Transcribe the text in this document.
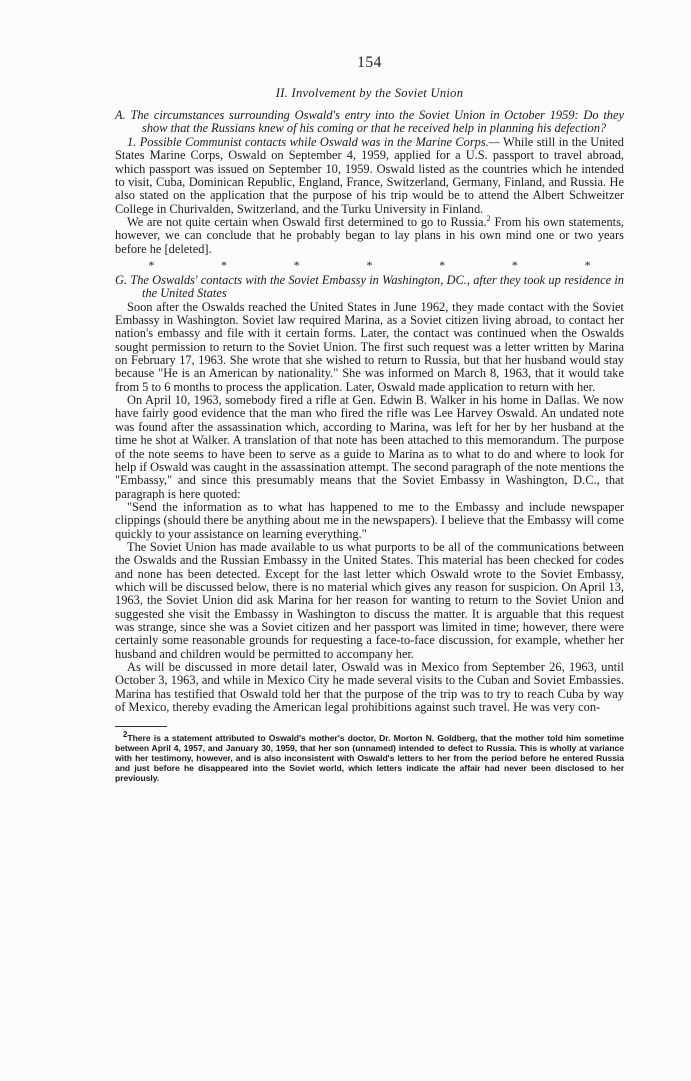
154
II. Involvement by the Soviet Union
A. The circumstances surrounding Oswald's entry into the Soviet Union in October 1959: Do they show that the Russians knew of his coming or that he received help in planning his defection?

1. Possible Communist contacts while Oswald was in the Marine Corps.— While still in the United States Marine Corps, Oswald on September 4, 1959, applied for a U.S. passport to travel abroad, which passport was issued on September 10, 1959. Oswald listed as the countries which he intended to visit, Cuba, Dominican Republic, England, France, Switzerland, Germany, Finland, and Russia. He also stated on the application that the purpose of his trip would be to attend the Albert Schweitzer College in Churivalden, Switzerland, and the Turku University in Finland.

We are not quite certain when Oswald first determined to go to Russia.$^2$ From his own statements, however, we can conclude that he probably began to lay plans in his own mind one or two years before he [deleted].

*	*	*	*	*	*	*
G. The Oswalds' contacts with the Soviet Embassy in Washington, DC., after they took up residence in the United States

Soon after the Oswalds reached the United States in June 1962, they made contact with the Soviet Embassy in Washington. Soviet law required Marina, as a Soviet citizen living abroad, to contact her nation's embassy and file with it certain forms. Later, the contact was continued when the Oswalds sought permission to return to the Soviet Union. The first such request was a letter written by Marina on February 17, 1963. She wrote that she wished to return to Russia, but that her husband would stay because "He is an American by nationality." She was informed on March 8, 1963, that it would take from 5 to 6 months to process the application. Later, Oswald made application to return with her.

On April 10, 1963, somebody fired a rifle at Gen. Edwin B. Walker in his home in Dallas. We now have fairly good evidence that the man who fired the rifle was Lee Harvey Oswald. An undated note was found after the assassination which, according to Marina, was left for her by her husband at the time he shot at Walker. A translation of that note has been attached to this memorandum. The purpose of the note seems to have been to serve as a guide to Marina as to what to do and where to look for help if Oswald was caught in the assassination attempt. The second paragraph of the note mentions the "Embassy," and since this presumably means that the Soviet Embassy in Washington, D.C., that paragraph is here quoted:

"Send the information as to what has happened to me to the Embassy and include newspaper clippings (should there be anything about me in the newspapers). I believe that the Embassy will come quickly to your assistance on learning everything."

The Soviet Union has made available to us what purports to be all of the communications between the Oswalds and the Russian Embassy in the United States. This material has been checked for codes and none has been detected. Except for the last letter which Oswald wrote to the Soviet Embassy, which will be discussed below, there is no material which gives any reason for suspicion. On April 13, 1963, the Soviet Union did ask Marina for her reason for wanting to return to the Soviet Union and suggested she visit the Embassy in Washington to discuss the matter. It is arguable that this request was strange, since she was a Soviet citizen and her passport was limited in time; however, there were certainly some reasonable grounds for requesting a face-to-face discussion, for example, whether her husband and children would be permitted to accompany her.

As will be discussed in more detail later, Oswald was in Mexico from September 26, 1963, until October 3, 1963, and while in Mexico City he made several visits to the Cuban and Soviet Embassies. Marina has testified that Oswald told her that the purpose of the trip was to try to reach Cuba by way of Mexico, thereby evading the American legal prohibitions against such travel. He was very con-

$^2$There is a statement attributed to Oswald's mother's doctor, Dr. Morton N. Goldberg, that the mother told him sometime between April 4, 1957, and January 30, 1959, that her son (unnamed) intended to defect to Russia. This is wholly at variance with her testimony, however, and is also inconsistent with Oswald's letters to her from the period before he entered Russia and just before he disappeared into the Soviet world, which letters indicate the affair had never been disclosed to her previously.
